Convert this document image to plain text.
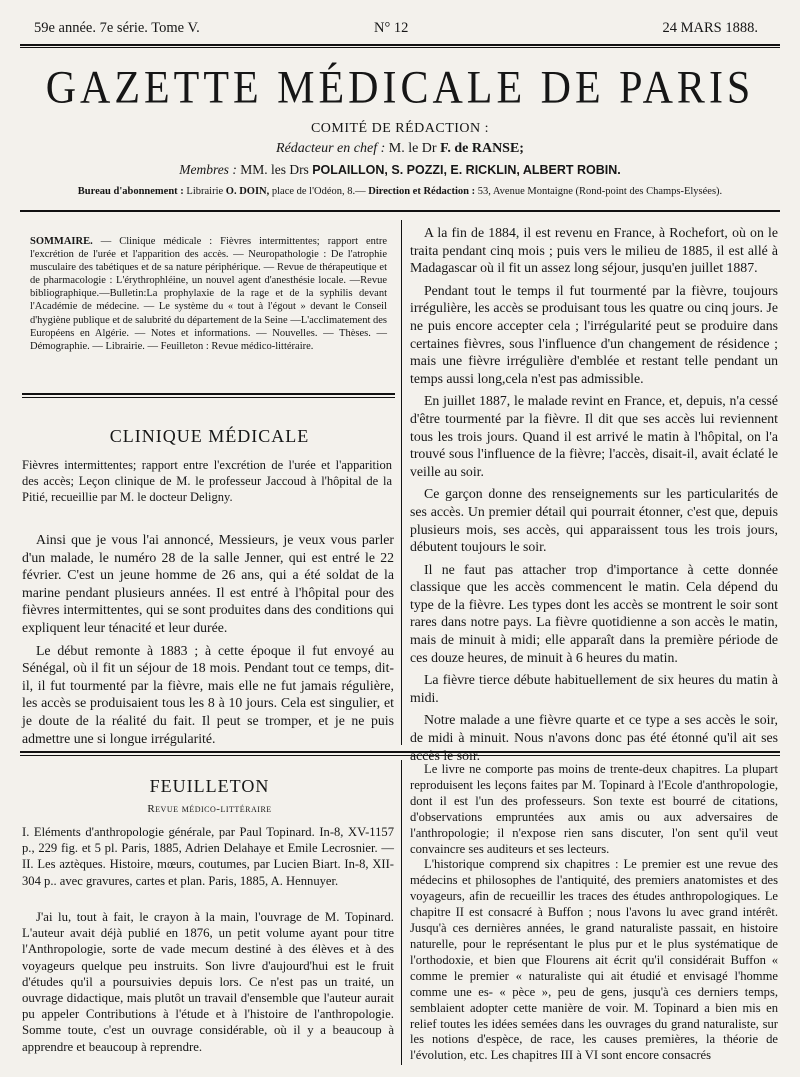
59e année. 7e série. Tome V.	N° 12	24 MARS 1888.
GAZETTE MÉDICALE DE PARIS
COMITÉ DE RÉDACTION :
Rédacteur en chef : M. le Dr F. de RANSE;
Membres : MM. les Drs POLAILLON, S. POZZI, E. RICKLIN, ALBERT ROBIN.
Bureau d'abonnement : Librairie O. DOIN, place de l'Odéon, 8.— Direction et Rédaction : 53, Avenue Montaigne (Rond-point des Champs-Elysées).
SOMMAIRE. — Clinique médicale : Fièvres intermittentes; rapport entre l'excrétion de l'urée et l'apparition des accès. — Neuropathologie : De l'atrophie musculaire des tabétiques et de sa nature périphérique. — Revue de thérapeutique et de pharmacologie : L'érythrophléine, un nouvel agent d'anesthésie locale. —Revue bibliographique.—Bulletin:La prophylaxie de la rage et de la syphilis devant l'Académie de médecine. — Le système du « tout à l'égout » devant le Conseil d'hygiène publique et de salubrité du département de la Seine —L'acclimatement des Européens en Algérie. — Notes et informations. — Nouvelles. — Thèses. — Démographie. — Librairie. — Feuilleton : Revue médico-littéraire.
CLINIQUE MÉDICALE
Fièvres intermittentes; rapport entre l'excrétion de l'urée et l'apparition des accès; Leçon clinique de M. le professeur Jaccoud à l'hôpital de la Pitié, recueillie par M. le docteur Deligny.

Ainsi que je vous l'ai annoncé, Messieurs, je veux vous parler d'un malade, le numéro 28 de la salle Jenner, qui est entré le 22 février. C'est un jeune homme de 26 ans, qui a été soldat de la marine pendant plusieurs années. Il est entré à l'hôpital pour des fièvres intermittentes, qui se sont produites dans des conditions qui expliquent leur ténacité et leur durée.

Le début remonte à 1883 ; à cette époque il fut envoyé au Sénégal, où il fit un séjour de 18 mois. Pendant tout ce temps, dit-il, il fut tourmenté par la fièvre, mais elle ne fut jamais régulière, les accès se produisaient tous les 8 à 10 jours. Cela est singulier, et je doute de la réalité du fait. Il peut se tromper, et je ne puis admettre une si longue irrégularité.

A la fin de 1884, il est revenu en France, à Rochefort, où on le traita pendant cinq mois ; puis vers le milieu de 1885, il est allé à Madagascar où il fit un assez long séjour, jusqu'en juillet 1887.

Pendant tout le temps il fut tourmenté par la fièvre, toujours irrégulière, les accès se produisant tous les quatre ou cinq jours. Je ne puis encore accepter cela ; l'irrégularité peut se produire dans certaines fièvres, sous l'influence d'un changement de résidence ; mais une fièvre irrégulière d'emblée et restant telle pendant un temps aussi long,cela n'est pas admissible.

En juillet 1887, le malade revint en France, et, depuis, n'a cessé d'être tourmenté par la fièvre. Il dit que ses accès lui reviennent tous les trois jours. Quand il est arrivé le matin à l'hôpital, on l'a trouvé sous l'influence de la fièvre; l'accès, disait-il, avait éclaté le veille au soir.

Ce garçon donne des renseignements sur les particularités de ses accès. Un premier détail qui pourrait étonner, c'est que, depuis plusieurs mois, ses accès, qui apparaissent tous les trois jours, débutent toujours le soir.

Il ne faut pas attacher trop d'importance à cette donnée classique que les accès commencent le matin. Cela dépend du type de la fièvre. Les types dont les accès se montrent le soir sont rares dans notre pays. La fièvre quotidienne a son accès le matin, mais de minuit à midi; elle apparaît dans la première période de ces douze heures, de minuit à 6 heures du matin.

La fièvre tierce débute habituellement de six heures du matin à midi.

Notre malade a une fièvre quarte et ce type a ses accès le soir, de midi à minuit. Nous n'avons donc pas été étonné qu'il ait ses accès le soir.

FEUILLETON
Revue médico-littéraire
I. Eléments d'anthropologie générale, par Paul Topinard. In-8, XV-1157 p., 229 fig. et 5 pl. Paris, 1885, Adrien Delahaye et Emile Lecrosnier. — II. Les aztèques. Histoire, mœurs, coutumes, par Lucien Biart. In-8, XII-304 p.. avec gravures, cartes et plan. Paris, 1885, A. Hennuyer.

J'ai lu, tout à fait, le crayon à la main, l'ouvrage de M. Topinard. L'auteur avait déjà publié en 1876, un petit volume ayant pour titre l'Anthropologie, sorte de vade mecum destiné à des élèves et à des voyageurs quelque peu instruits. Son livre d'aujourd'hui est le fruit d'études qu'il a poursuivies depuis lors. Ce n'est pas un traité, un ouvrage didactique, mais plutôt un travail d'ensemble que l'auteur aurait pu appeler Contributions à l'étude et à l'histoire de l'anthropologie. Somme toute, c'est un ouvrage considérable, où il y a beaucoup à apprendre et beaucoup à reprendre.

Le livre ne comporte pas moins de trente-deux chapitres. La plupart reproduisent les leçons faites par M. Topinard à l'Ecole d'anthropologie, dont il est l'un des professeurs. Son texte est bourré de citations, d'observations empruntées aux amis ou aux adversaires de l'anthropologie; il n'expose rien sans discuter, l'on sent qu'il veut convaincre ses auditeurs et ses lecteurs.

L'historique comprend six chapitres : Le premier est une revue des médecins et philosophes de l'antiquité, des premiers anatomistes et des voyageurs, afin de recueillir les traces des études anthropologiques. Le chapitre II est consacré à Buffon ; nous l'avons lu avec grand intérêt. Jusqu'à ces dernières années, le grand naturaliste passait, en histoire naturelle, pour le représentant le plus pur et le plus systématique de l'orthodoxie, et bien que Flourens ait écrit qu'il considérait Buffon « comme le premier « naturaliste qui ait étudié et envisagé l'homme comme une es- « pèce », peu de gens, jusqu'à ces derniers temps, semblaient adopter cette manière de voir. M. Topinard a bien mis en relief toutes les idées semées dans les ouvrages du grand naturaliste, sur les notions d'espèce, de race, les causes premières, la théorie de l'évolution, etc. Les chapitres III à VI sont encore consacrés
